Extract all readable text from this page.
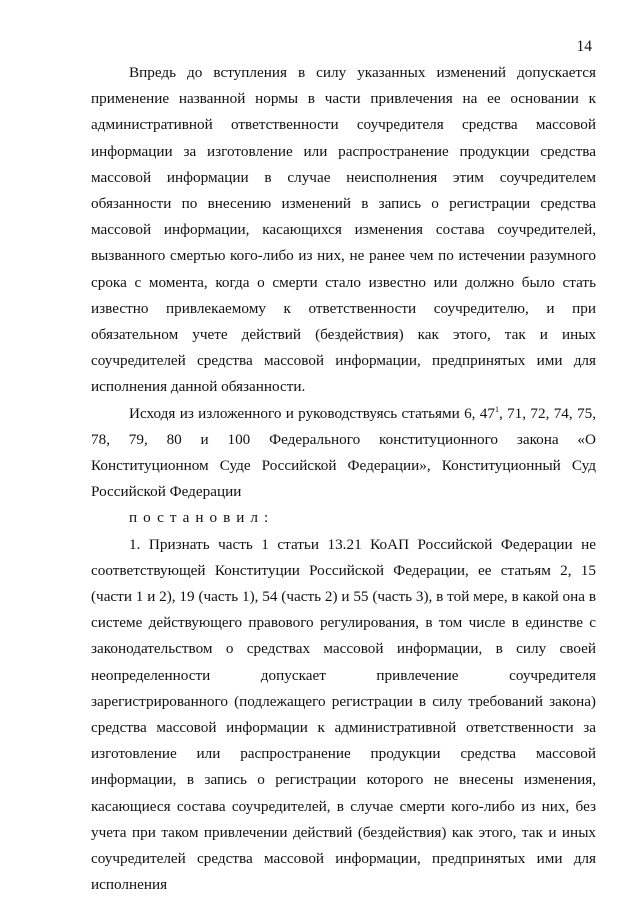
14

Впредь до вступления в силу указанных изменений допускается применение названной нормы в части привлечения на ее основании к административной ответственности соучредителя средства массовой информации за изготовление или распространение продукции средства массовой информации в случае неисполнения этим соучредителем обязанности по внесению изменений в запись о регистрации средства массовой информации, касающихся изменения состава соучредителей, вызванного смертью кого-либо из них, не ранее чем по истечении разумного срока с момента, когда о смерти стало известно или должно было стать известно привлекаемому к ответственности соучредителю, и при обязательном учете действий (бездействия) как этого, так и иных соучредителей средства массовой информации, предпринятых ими для исполнения данной обязанности.

Исходя из изложенного и руководствуясь статьями 6, $47^1$, 71, 72, 74, 75, 78, 79, 80 и 100 Федерального конституционного закона «О Конституционном Суде Российской Федерации», Конституционный Суд Российской Федерации

постановил:

1. Признать часть 1 статьи 13.21 КоАП Российской Федерации не соответствующей Конституции Российской Федерации, ее статьям 2, 15 (части 1 и 2), 19 (часть 1), 54 (часть 2) и 55 (часть 3), в той мере, в какой она в системе действующего правового регулирования, в том числе в единстве с законодательством о средствах массовой информации, в силу своей неопределенности допускает привлечение соучредителя зарегистрированного (подлежащего регистрации в силу требований закона) средства массовой информации к административной ответственности за изготовление или распространение продукции средства массовой информации, в запись о регистрации которого не внесены изменения, касающиеся состава соучредителей, в случае смерти кого-либо из них, без учета при таком привлечении действий (бездействия) как этого, так и иных соучредителей средства массовой информации, предпринятых ими для исполнения
